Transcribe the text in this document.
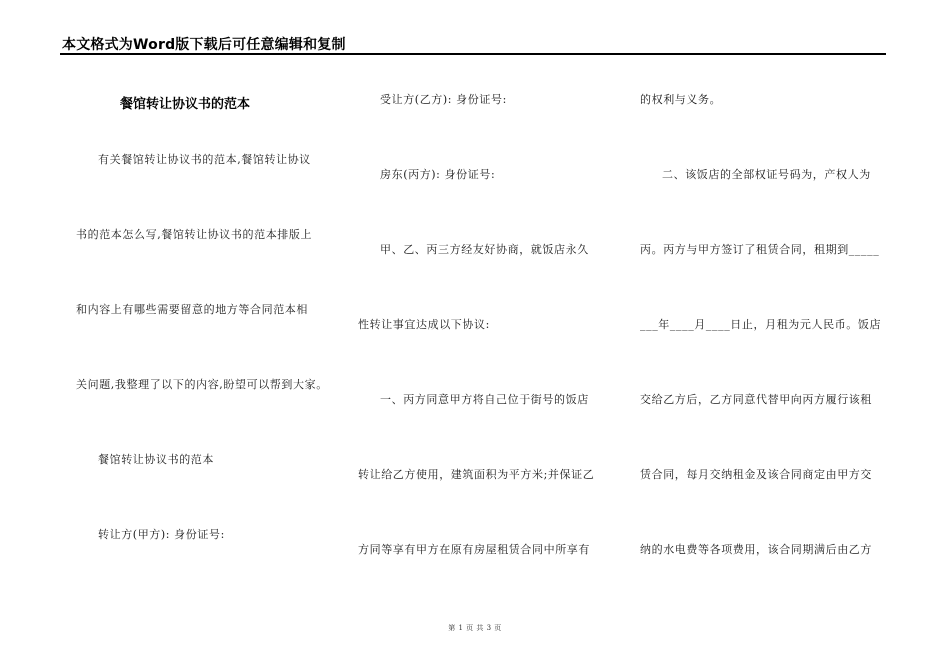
本文格式为Word版下载后可任意编辑和复制
餐馆转让协议书的范本
有关餐馆转让协议书的范本,餐馆转让协议
书的范本怎么写,餐馆转让协议书的范本排版上
和内容上有哪些需要留意的地方等合同范本相
关问题,我整理了以下的内容,盼望可以帮到大家。
餐馆转让协议书的范本
转让方(甲方): 身份证号:
受让方(乙方): 身份证号:
房东(丙方): 身份证号:
甲、乙、丙三方经友好协商，就饭店永久
性转让事宜达成以下协议:
一、丙方同意甲方将自己位于街号的饭店
转让给乙方使用，建筑面积为平方米;并保证乙
方同等享有甲方在原有房屋租赁合同中所享有
的权利与义务。
二、该饭店的全部权证号码为，产权人为
丙。丙方与甲方签订了租赁合同，租期到_____
___年____月____日止，月租为元人民币。饭店
交给乙方后，乙方同意代替甲向丙方履行该租
赁合同，每月交纳租金及该合同商定由甲方交
纳的水电费等各项费用，该合同期满后由乙方
第 1 页 共 3 页
